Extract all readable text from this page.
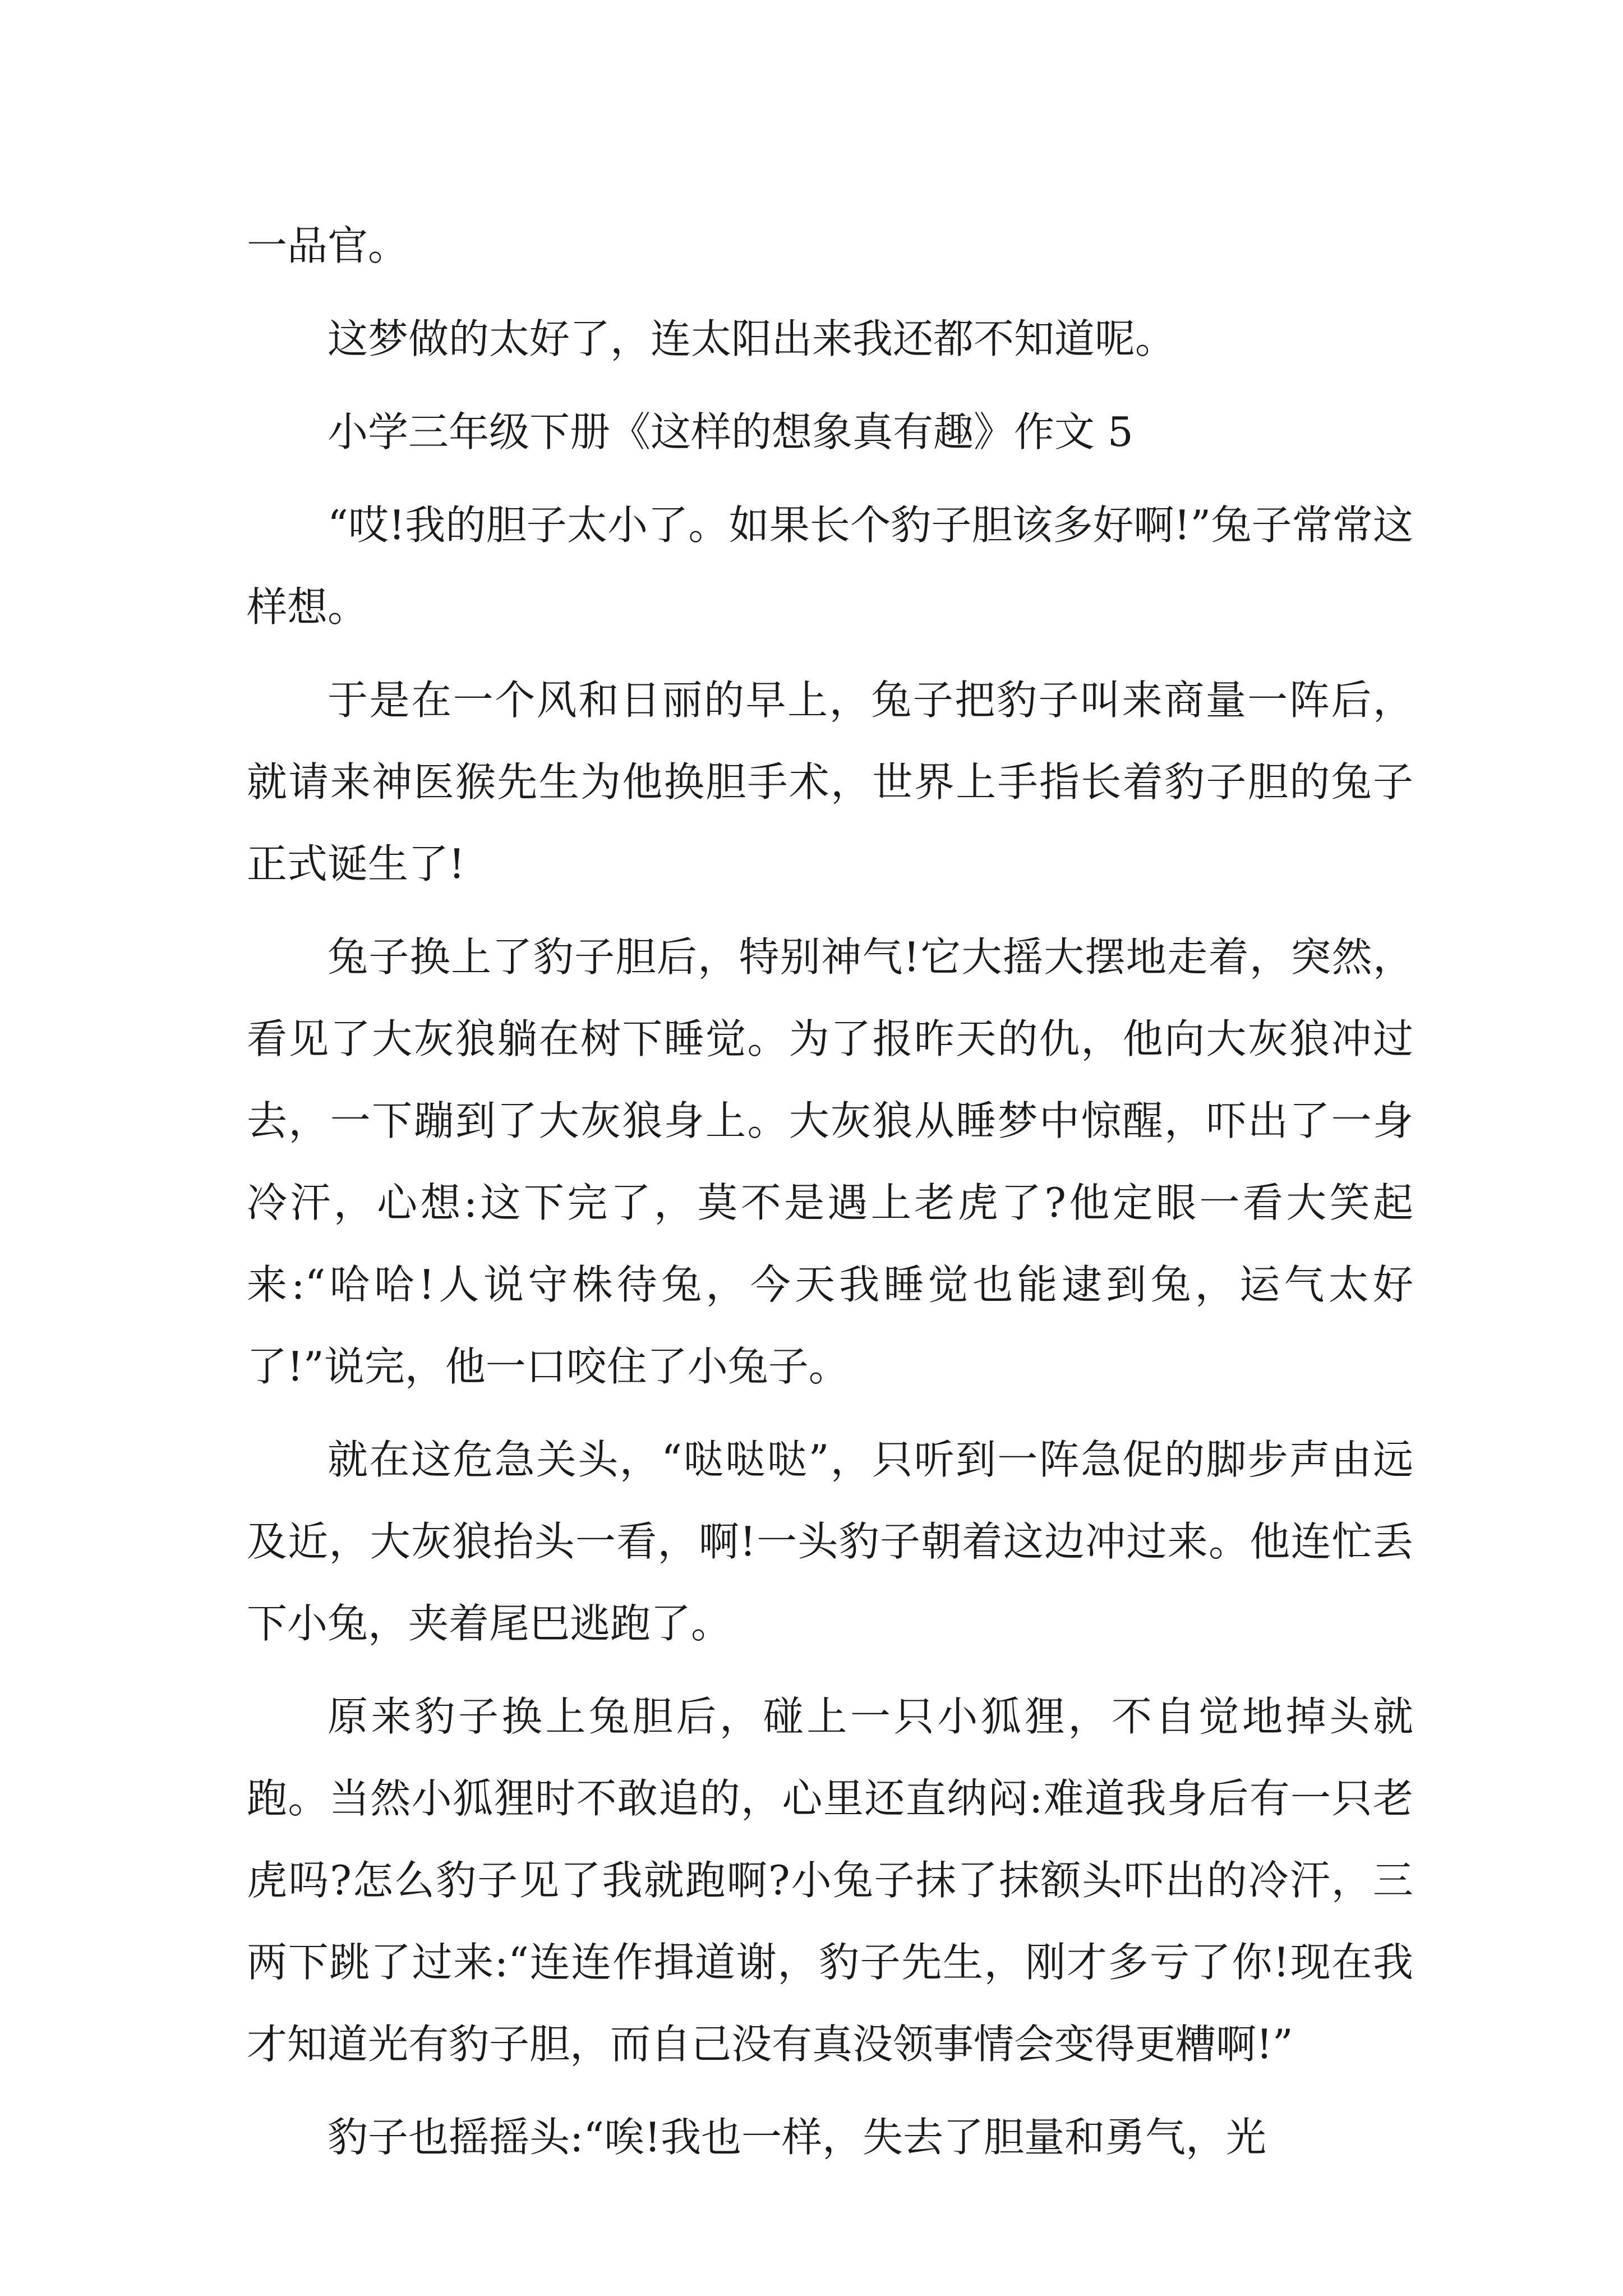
一品官。

这梦做的太好了，连太阳出来我还都不知道呢。

小学三年级下册《这样的想象真有趣》作文 5

“哎!我的胆子太小了。如果长个豹子胆该多好啊!”兔子常常这样想。

于是在一个风和日丽的早上，兔子把豹子叫来商量一阵后，就请来神医猴先生为他换胆手术，世界上手指长着豹子胆的兔子正式诞生了!

兔子换上了豹子胆后，特别神气!它大摇大摆地走着，突然，看见了大灰狼躺在树下睡觉。为了报昨天的仇，他向大灰狼冲过去，一下蹦到了大灰狼身上。大灰狼从睡梦中惊醒，吓出了一身冷汗，心想:这下完了，莫不是遇上老虎了?他定眼一看大笑起来:“哈哈!人说守株待兔，今天我睡觉也能逮到兔，运气太好了!”说完，他一口咬住了小兔子。

就在这危急关头，“哒哒哒”，只听到一阵急促的脚步声由远及近，大灰狼抬头一看，啊!一头豹子朝着这边冲过来。他连忙丢下小兔，夹着尾巴逃跑了。

原来豹子换上兔胆后，碰上一只小狐狸，不自觉地掉头就跑。当然小狐狸时不敢追的，心里还直纳闷:难道我身后有一只老虎吗?怎么豹子见了我就跑啊?小兔子抹了抹额头吓出的冷汗，三两下跳了过来:“连连作揖道谢，豹子先生，刚才多亏了你!现在我才知道光有豹子胆，而自己没有真没领事情会变得更糟啊!”

豹子也摇摇头:“唉!我也一样，失去了胆量和勇气，光
